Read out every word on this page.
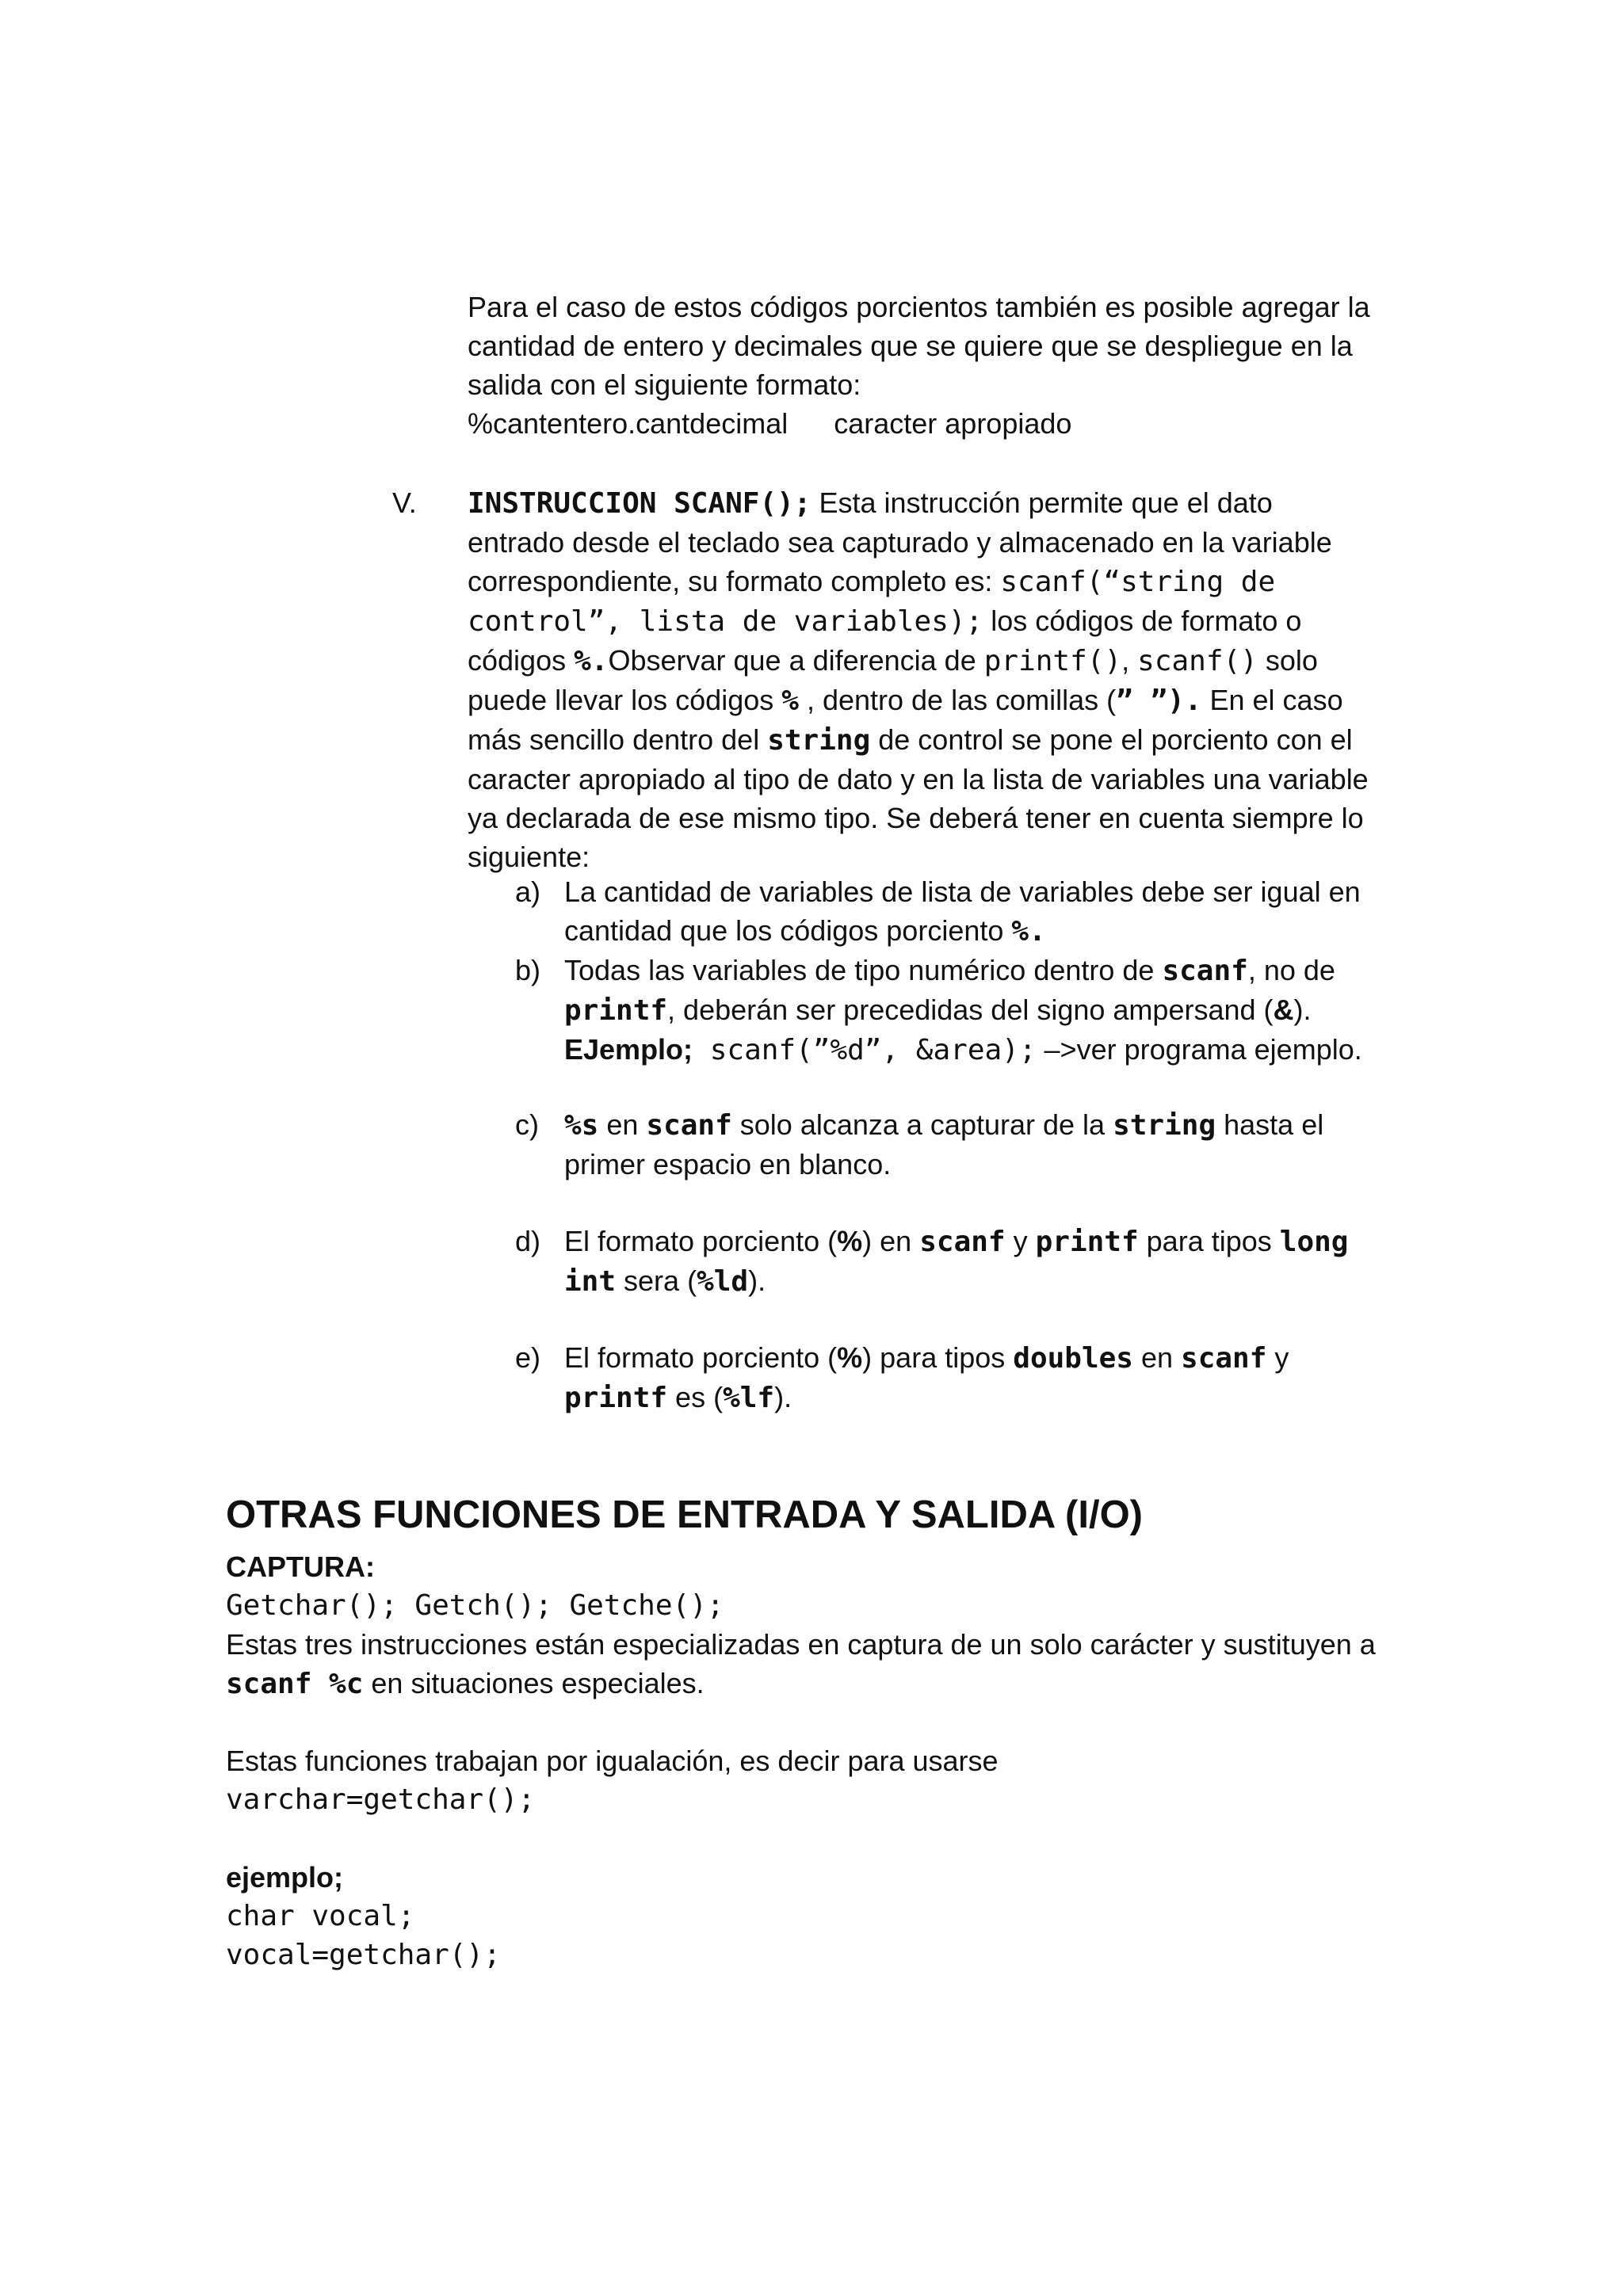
Para el caso de estos códigos porcientos también es posible agregar la
cantidad de entero y decimales que se quiere que se despliegue en la
salida con el siguiente formato:
%cantentero.cantdecimal caracter apropiado
V. INSTRUCCION SCANF(); Esta instrucción permite que el dato
entrado desde el teclado sea capturado y almacenado en la variable
correspondiente, su formato completo es: scanf(“string de
control”, lista de variables); los códigos de formato o
códigos %.Observar que a diferencia de printf(), scanf() solo
puede llevar los códigos % , dentro de las comillas (” ”). En el caso
más sencillo dentro del string de control se pone el porciento con el
caracter apropiado al tipo de dato y en la lista de variables una variable
ya declarada de ese mismo tipo. Se deberá tener en cuenta siempre lo
siguiente:
a) La cantidad de variables de lista de variables debe ser igual en
cantidad que los códigos porciento %.
b) Todas las variables de tipo numérico dentro de scanf, no de
printf, deberán ser precedidas del signo ampersand (&).
EJemplo; scanf(”%d”, &area); –>ver programa ejemplo.
c) %s en scanf solo alcanza a capturar de la string hasta el
primer espacio en blanco.
d) El formato porciento (%) en scanf y printf para tipos long
int sera (%ld).
e) El formato porciento (%) para tipos doubles en scanf y
printf es (%lf).
OTRAS FUNCIONES DE ENTRADA Y SALIDA (I/O)
CAPTURA:
Getchar(); Getch(); Getche();
Estas tres instrucciones están especializadas en captura de un solo carácter y sustituyen a
scanf %c en situaciones especiales.
Estas funciones trabajan por igualación, es decir para usarse
varchar=getchar();
ejemplo;
char vocal;
vocal=getchar();
